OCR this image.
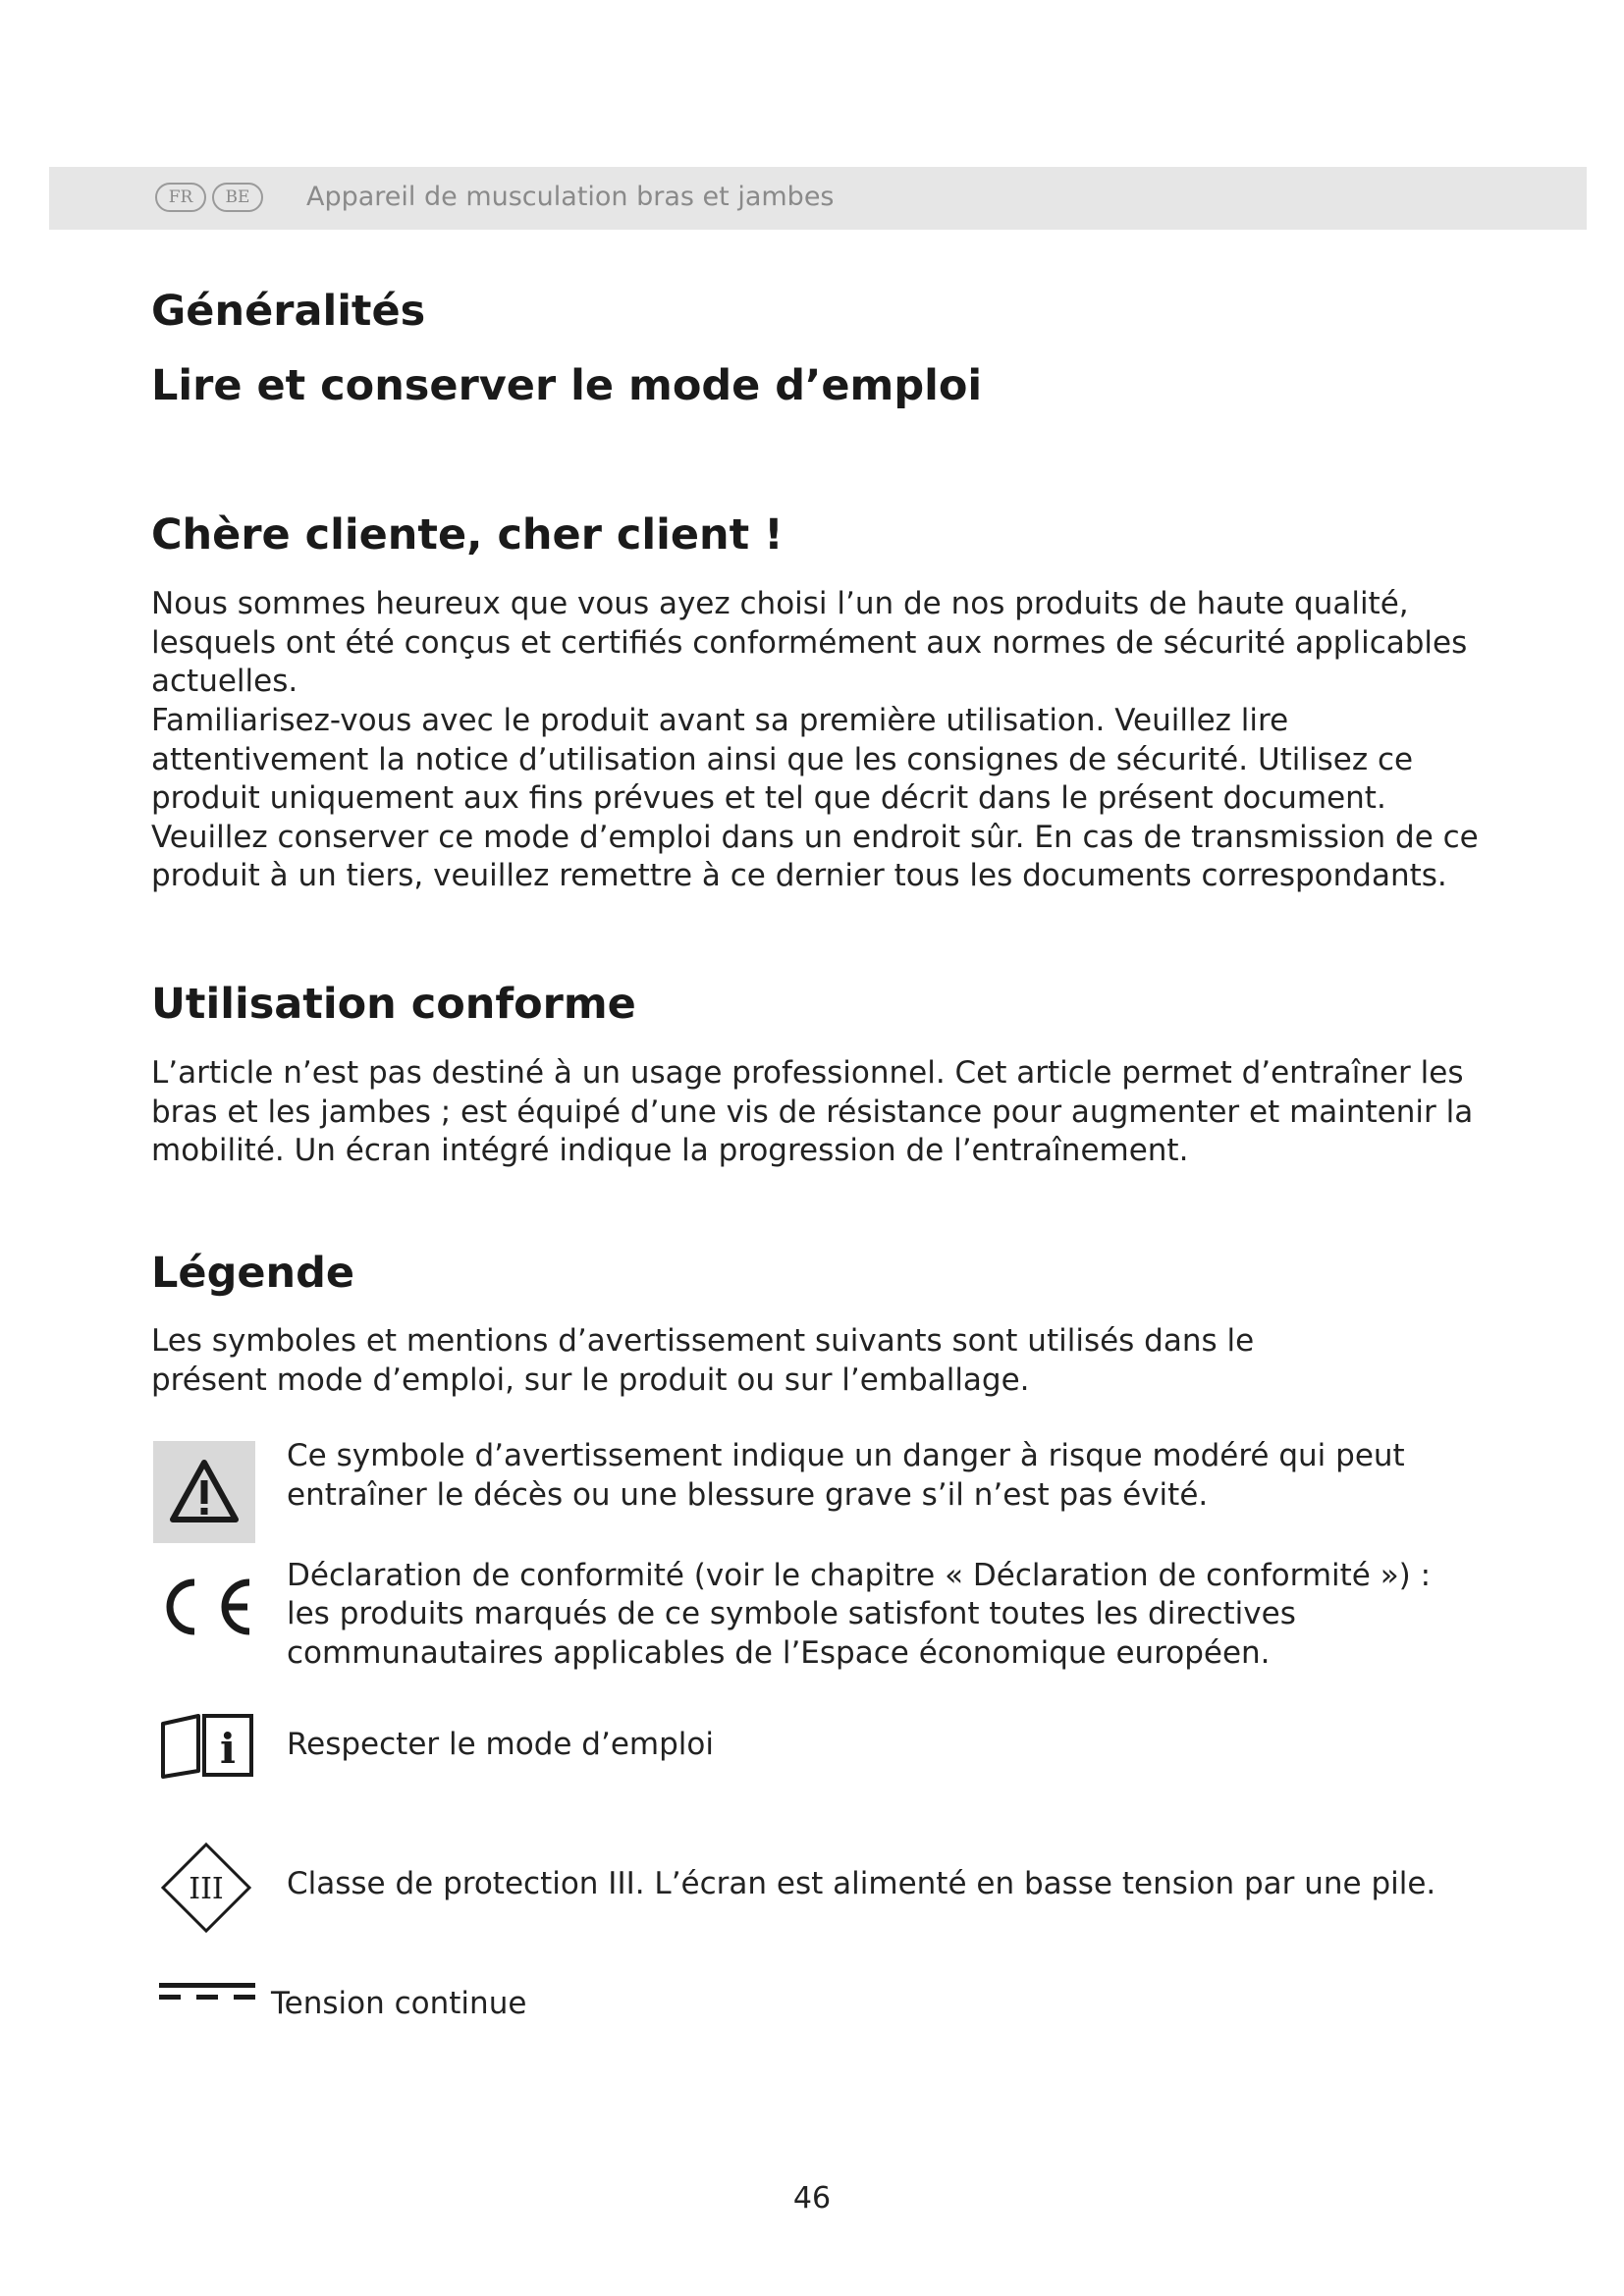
FR	BE	Appareil de musculation bras et jambes
Généralités
Lire et conserver le mode d’emploi
Chère cliente, cher client !

Nous sommes heureux que vous ayez choisi l’un de nos produits de haute qualité, lesquels ont été conçus et certifiés conformément aux normes de sécurité applicables actuelles.

Familiarisez-vous avec le produit avant sa première utilisation. Veuillez lire attentivement la notice d’utilisation ainsi que les consignes de sécurité. Utilisez ce produit uniquement aux fins prévues et tel que décrit dans le présent document. Veuillez conserver ce mode d’emploi dans un endroit sûr. En cas de transmission de ce produit à un tiers, veuillez remettre à ce dernier tous les documents correspondants.

Utilisation conforme

L’article n’est pas destiné à un usage professionnel. Cet article permet d’entraîner les bras et les jambes ; est équipé d’une vis de résistance pour augmenter et maintenir la mobilité. Un écran intégré indique la progression de l’entraînement.

Légende

Les symboles et mentions d’avertissement suivants sont utilisés dans le présent mode d’emploi, sur le produit ou sur l’emballage.

Ce symbole d’avertissement indique un danger à risque modéré qui peut entraîner le décès ou une blessure grave s’il n’est pas évité.

Déclaration de conformité (voir le chapitre « Déclaration de conformité ») :

les produits marqués de ce symbole satisfont toutes les directives communautaires applicables de l’Espace économique européen.

i Respecter le mode d’emploi

III Classe de protection III. L’écran est alimenté en basse tension par une pile.

Tension continue

46
